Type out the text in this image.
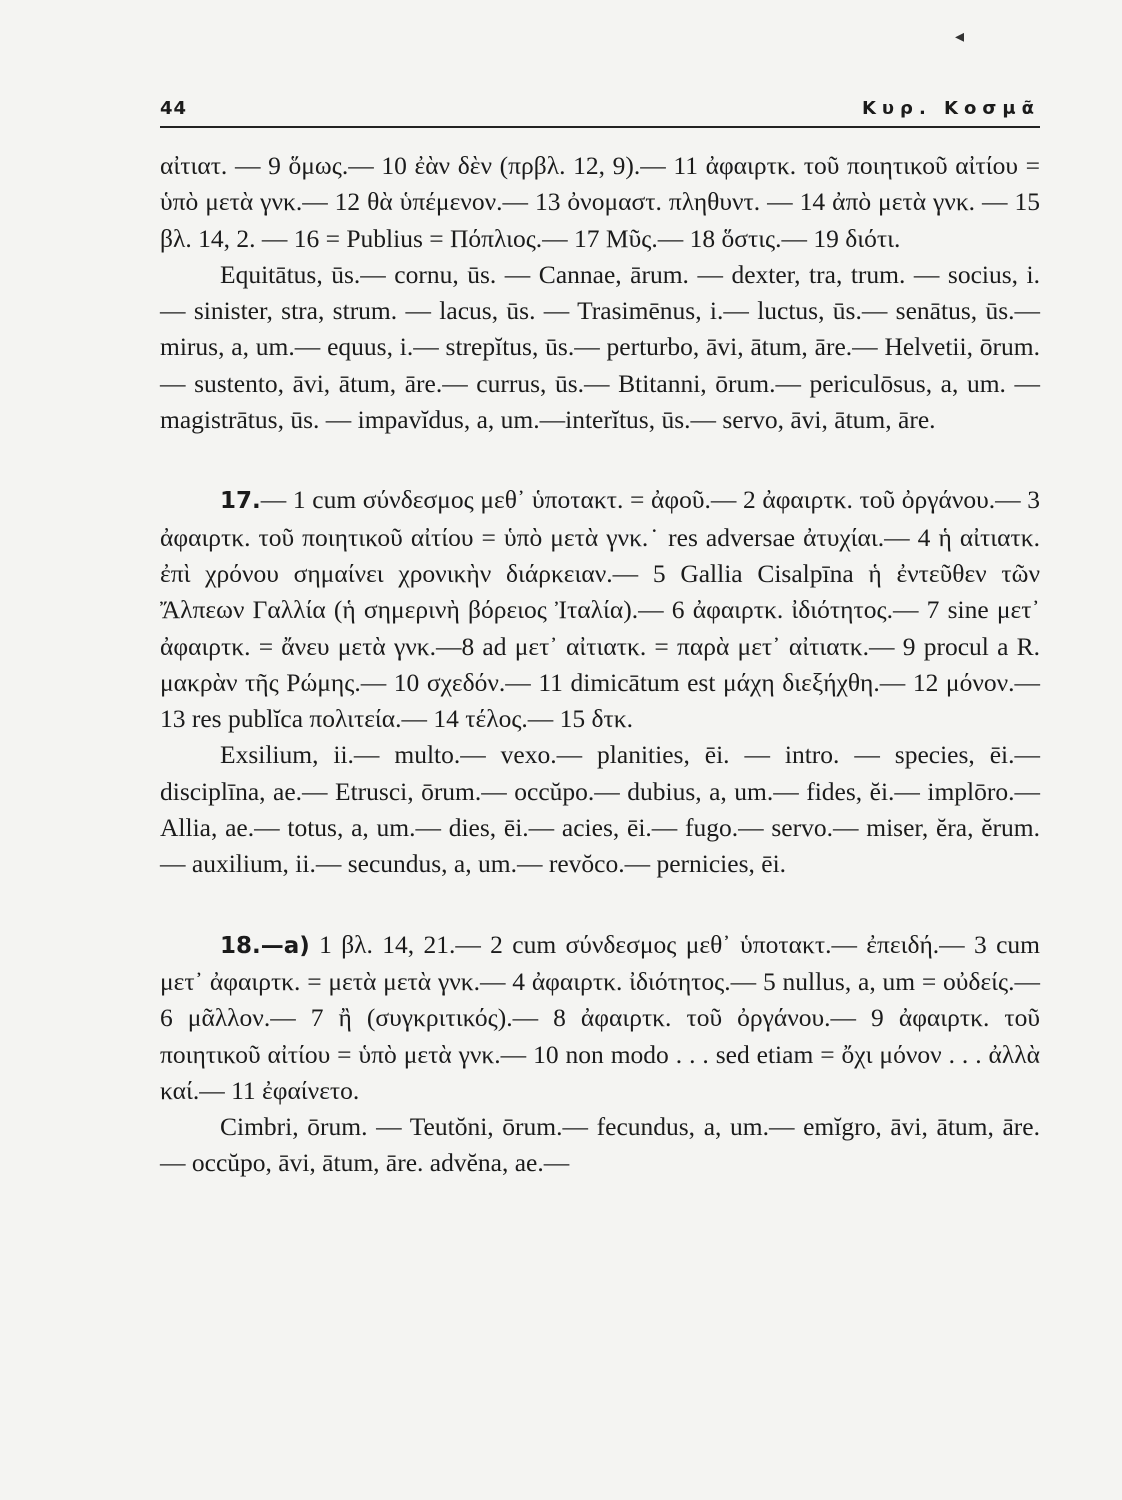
◂
44	Κυρ. Κοσμᾶ

αἰτιατ. — 9 ὅμως.— 10 ἐὰν δὲν (πρβλ. 12, 9).— 11 ἀφαιρτκ. τοῦ ποιητικοῦ αἰτίου = ὑπὸ μετὰ γνκ.— 12 θὰ ὑπέμενον.— 13 ὀνομαστ. πληθυντ. — 14 ἀπὸ μετὰ γνκ. — 15 βλ. 14, 2. — 16 = Publius = Πόπλιος.— 17 Μῦς.— 18 ὅστις.— 19 διότι.

Equitātus, ūs.— cornu, ūs. — Cannae, ārum. — dexter, tra, trum. — socius, i. — sinister, stra, strum. — lacus, ūs. — Trasimēnus, i.— luctus, ūs.— senātus, ūs.— mirus, a, um.— equus, i.— strepĭtus, ūs.— perturbo, āvi, ātum, āre.— Helvetii, ōrum.— sustento, āvi, ātum, āre.— currus, ūs.— Btitanni, ōrum.— periculōsus, a, um. — magistrātus, ūs. — impavĭdus, a, um.—interĭtus, ūs.— servo, āvi, ātum, āre.

17.— 1 cum σύνδεσμος μεθ᾽ ὑποτακτ. = ἀφοῦ.— 2 ἀφαιρτκ. τοῦ ὀργάνου.— 3 ἀφαιρτκ. τοῦ ποιητικοῦ αἰτίου = ὑπὸ μετὰ γνκ.˙ res adversae ἀτυχίαι.— 4 ἡ αἰτιατκ. ἐπὶ χρόνου σημαίνει χρονικὴν διάρκειαν.— 5 Gallia Cisalpīna ἡ ἐντεῦθεν τῶν Ἄλπεων Γαλλία (ἡ σημερινὴ βόρειος Ἰταλία).— 6 ἀφαιρτκ. ἰδιότητος.— 7 sine μετ᾽ ἀφαιρτκ. = ἄνευ μετὰ γνκ.—8 ad μετ᾽ αἰτιατκ. = παρὰ μετ᾽ αἰτιατκ.— 9 procul a R. μακρὰν τῆς Ρώμης.— 10 σχεδόν.— 11 dimicātum est μάχη διεξήχθη.— 12 μόνον.— 13 res publĭca πολιτεία.— 14 τέλος.— 15 δτκ.

Exsilium, ii.— multo.— vexo.— planities, ēi. — intro. — species, ēi.— disciplīna, ae.— Etrusci, ōrum.— occŭpo.— dubius, a, um.— fides, ĕi.— implōro.—Allia, ae.— totus, a, um.— dies, ēi.— acies, ēi.— fugo.— servo.— miser, ĕra, ĕrum.— auxilium, ii.— secundus, a, um.— revŏco.— pernicies, ēi.

18.—a) 1 βλ. 14, 21.— 2 cum σύνδεσμος μεθ᾽ ὑποτακτ.— ἐπειδή.— 3 cum μετ᾽ ἀφαιρτκ. = μετὰ μετὰ γνκ.— 4 ἀφαιρτκ. ἰδιότητος.— 5 nullus, a, um = οὐδείς.— 6 μᾶλλον.— 7 ἢ (συγκριτικός).— 8 ἀφαιρτκ. τοῦ ὀργάνου.— 9 ἀφαιρτκ. τοῦ ποιητικοῦ αἰτίου = ὑπὸ μετὰ γνκ.— 10 non modo . . . sed etiam = ὄχι μόνον . . . ἀλλὰ καί.— 11 ἐφαίνετο.

Cimbri, ōrum. — Teutŏni, ōrum.— fecundus, a, um.— emĭgro, āvi, ātum, āre.— occŭpo, āvi, ātum, āre. advĕna, ae.—
